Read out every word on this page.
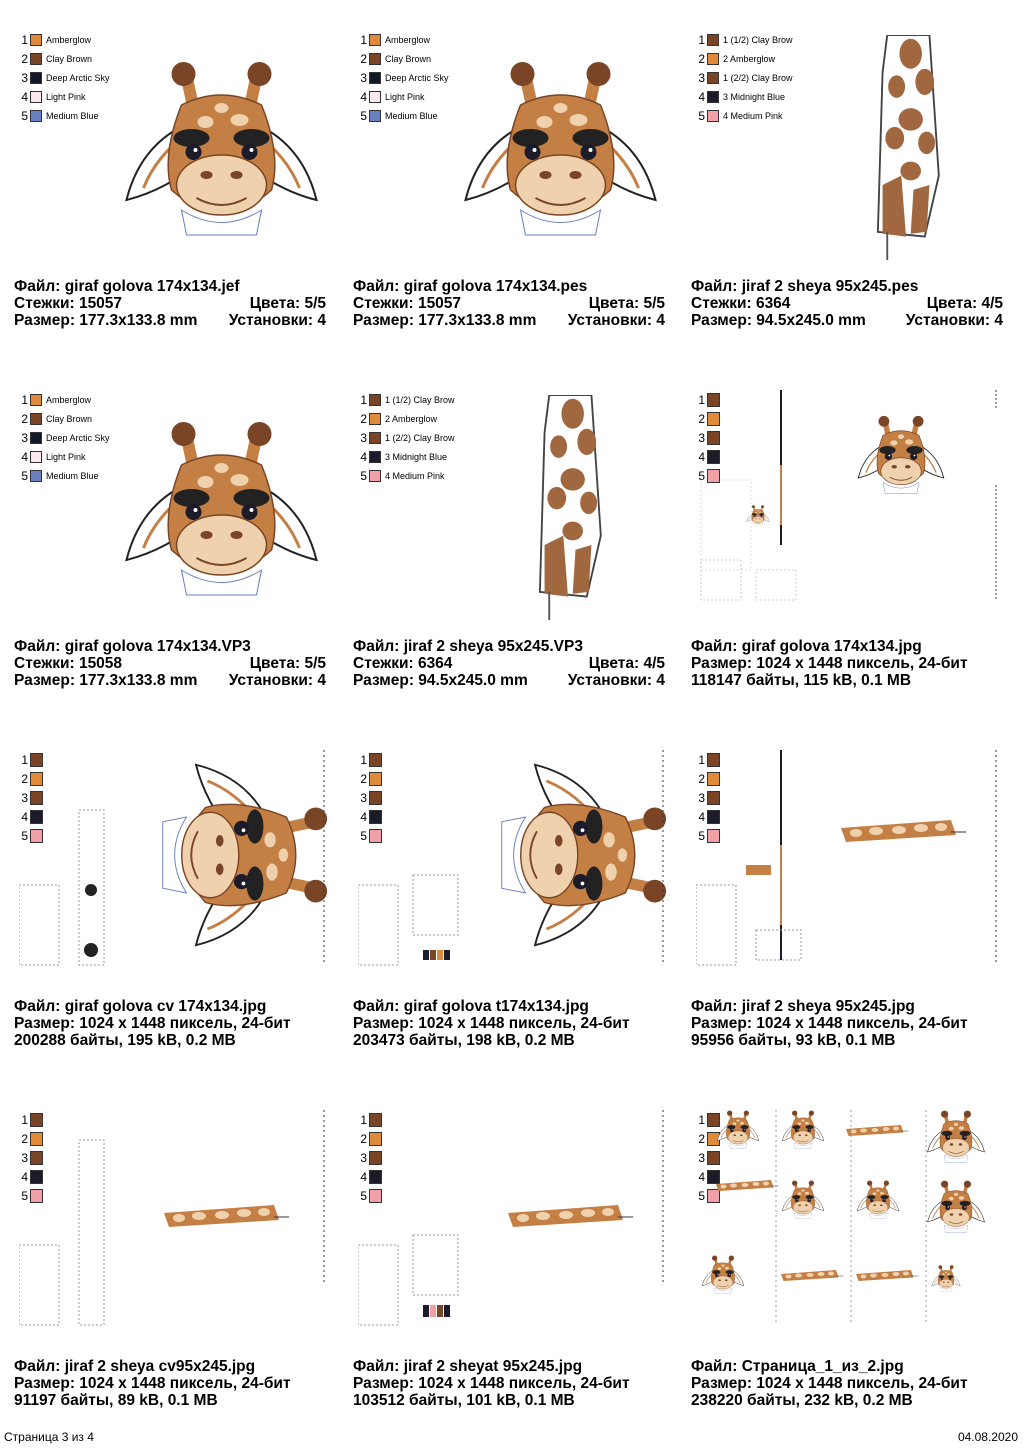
1 Amberglow
2 Clay Brown
3 Deep Arctic Sky
4 Light Pink
5 Medium Blue
Файл: giraf golova 174x134.jef
Стежки: 15057	Цвета: 5/5
Размер: 177.3x133.8 mm Установки: 4
1 Amberglow
2 Clay Brown
3 Deep Arctic Sky
4 Light Pink
5 Medium Blue
Файл: giraf golova 174x134.pes
Стежки: 15057	Цвета: 5/5
Размер: 177.3x133.8 mm Установки: 4
1 1 (1/2) Clay Brow
2 2 Amberglow
3 1 (2/2) Clay Brow
4 3 Midnight Blue
5 4 Medium Pink
Файл: jiraf 2 sheya 95x245.pes
Стежки: 6364	Цвета: 4/5
Размер: 94.5x245.0 mm	Установки: 4
1 Amberglow
2 Clay Brown
3 Deep Arctic Sky
4 Light Pink
5 Medium Blue
Файл: giraf golova 174x134.VP3
Стежки: 15058	Цвета: 5/5
Размер: 177.3x133.8 mm Установки: 4
1 1 (1/2) Clay Brow
2 2 Amberglow
3 1 (2/2) Clay Brow
4 3 Midnight Blue
5 4 Medium Pink
Файл: jiraf 2 sheya 95x245.VP3
Стежки: 6364	Цвета: 4/5
Размер: 94.5x245.0 mm	Установки: 4
1
2
3
4
5
Файл: giraf golova 174x134.jpg
Размер: 1024 x 1448 пиксель, 24-бит
118147 байты, 115 kB, 0.1 MB
1
2
3
4
5
Файл: giraf golova cv 174x134.jpg
Размер: 1024 x 1448 пиксель, 24-бит
200288 байты, 195 kB, 0.2 MB
1
2
3
4
5
Файл: giraf golova t174x134.jpg
Размер: 1024 x 1448 пиксель, 24-бит
203473 байты, 198 kB, 0.2 MB
1
2
3
4
5
Файл: jiraf 2 sheya 95x245.jpg
Размер: 1024 x 1448 пиксель, 24-бит
95956 байты, 93 kB, 0.1 MB
1
2
3
4
5
Файл: jiraf 2 sheya cv95x245.jpg
Размер: 1024 x 1448 пиксель, 24-бит
91197 байты, 89 kB, 0.1 MB
1
2
3
4
5
Файл: jiraf 2 sheyat 95x245.jpg
Размер: 1024 x 1448 пиксель, 24-бит
103512 байты, 101 kB, 0.1 MB
1
2
3
4
5
Файл: Страница_1_из_2.jpg
Размер: 1024 x 1448 пиксель, 24-бит
238220 байты, 232 kB, 0.2 MB
Страница 3 из 4	04.08.2020
